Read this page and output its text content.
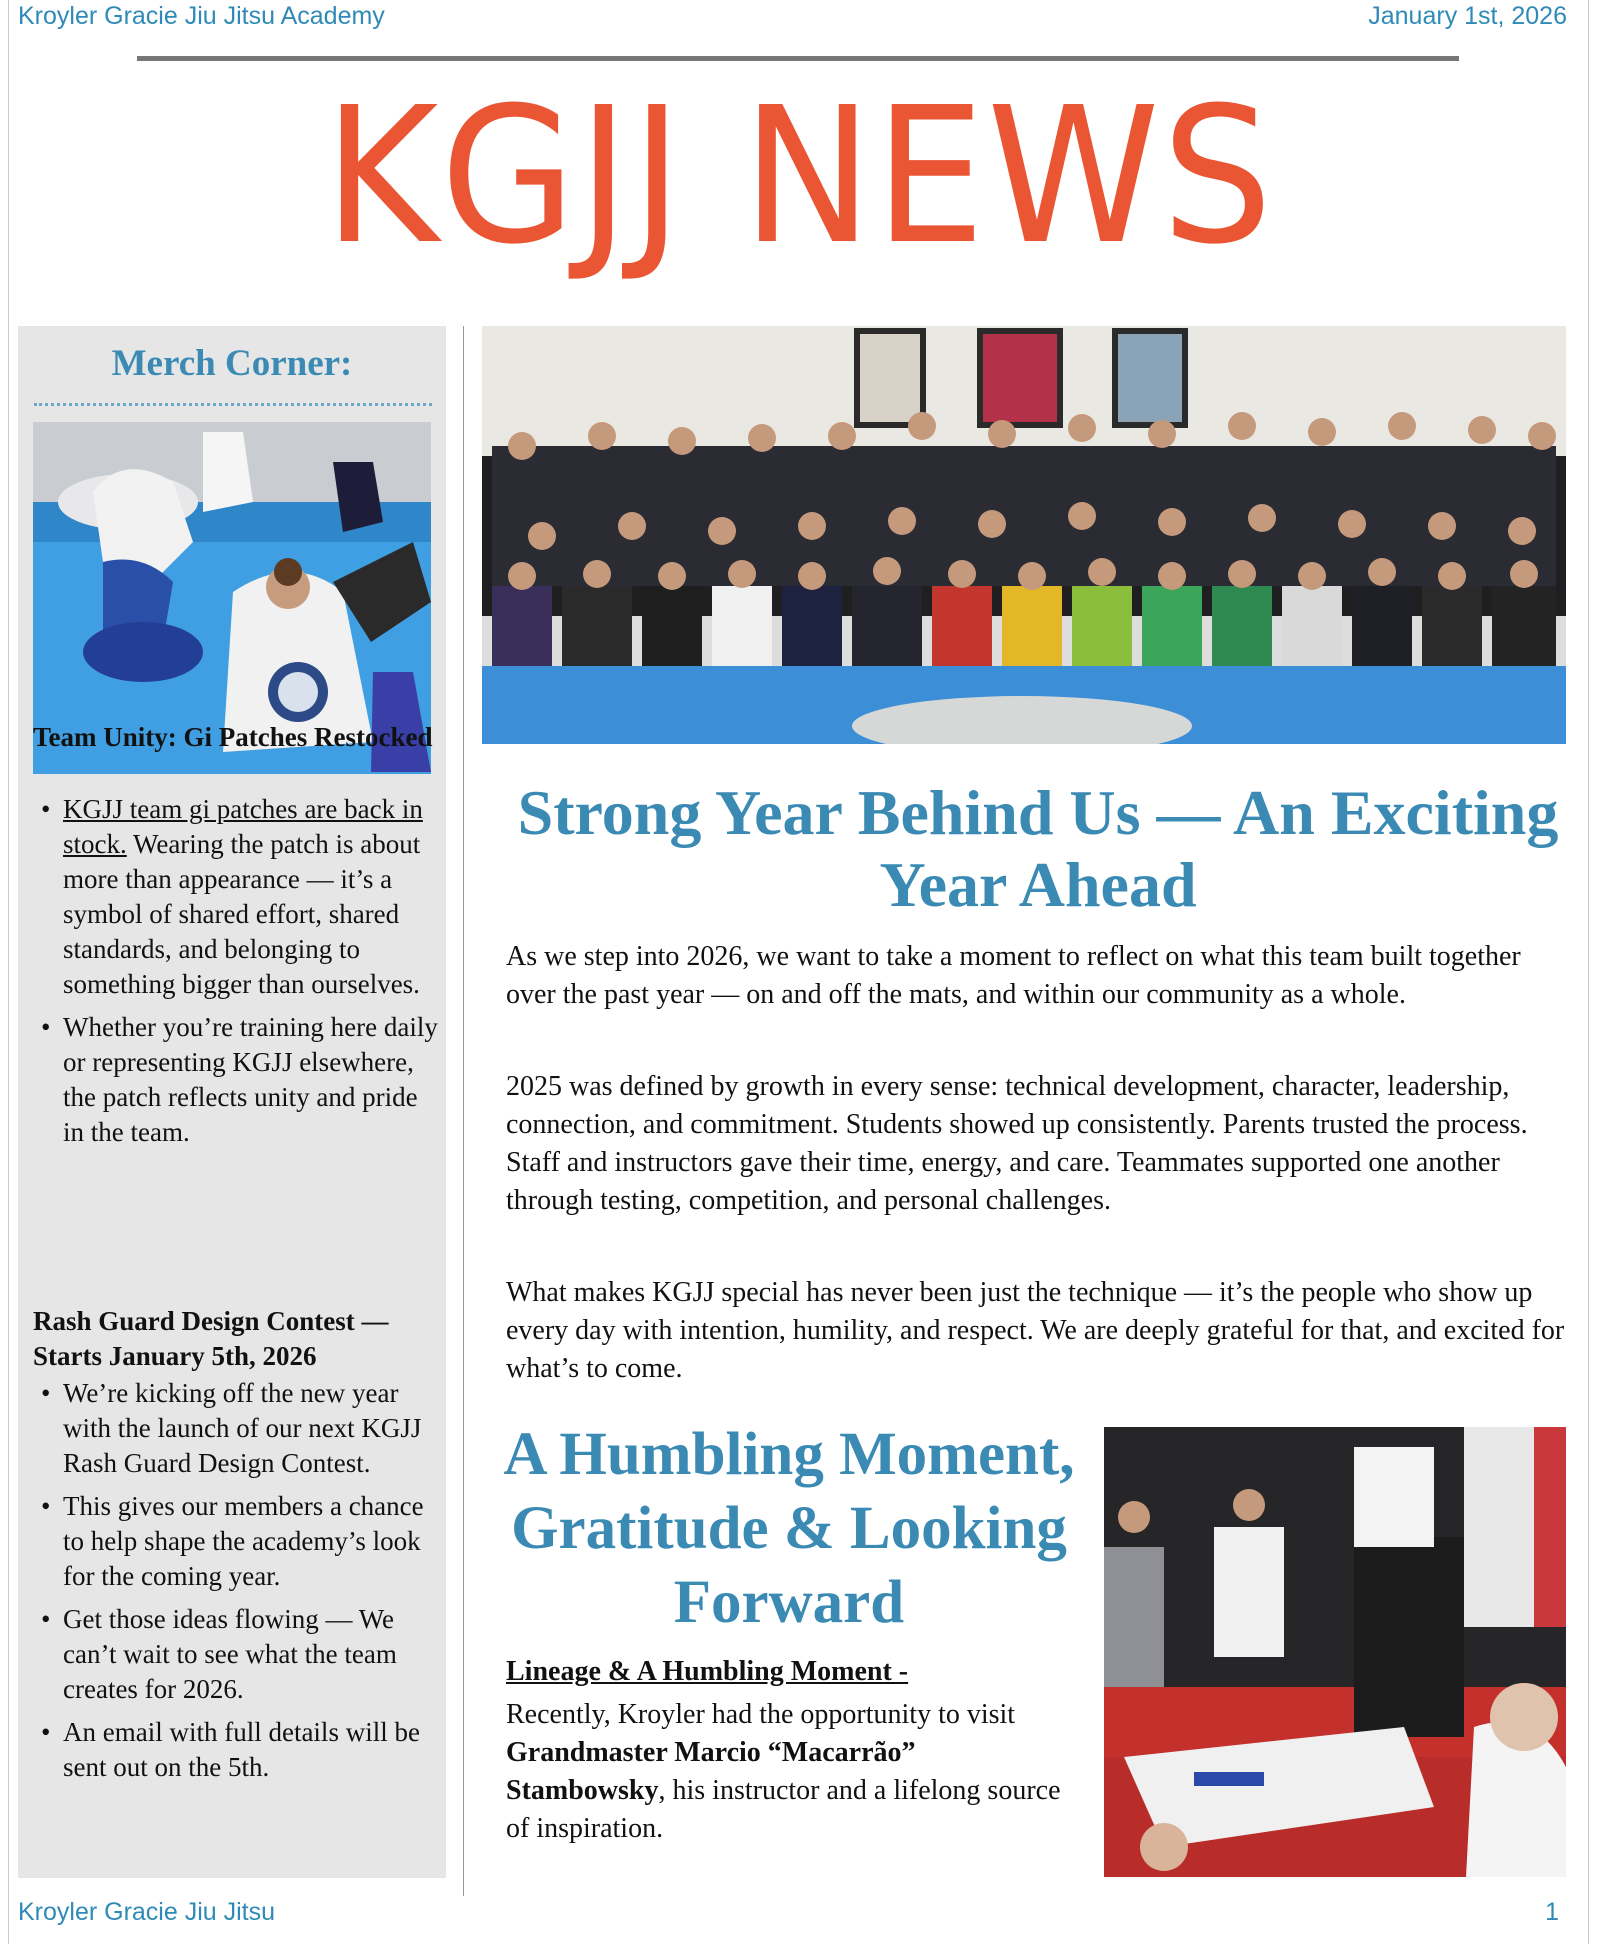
Kroyler Gracie Jiu Jitsu Academy	January 1st, 2026
KGJJ NEWS
Merch Corner:
Team Unity: Gi Patches Restocked
• KGJJ team gi patches are back in stock. Wearing the patch is about more than appearance — it’s a symbol of shared effort, shared standards, and belonging to something bigger than ourselves.
• Whether you’re training here daily or representing KGJJ elsewhere, the patch reflects unity and pride in the team.
Rash Guard Design Contest — Starts January 5th, 2026
• We’re kicking off the new year with the launch of our next KGJJ Rash Guard Design Contest.
• This gives our members a chance to help shape the academy’s look for the coming year.
• Get those ideas flowing — We can’t wait to see what the team creates for 2026.
• An email with full details will be sent out on the 5th.
Strong Year Behind Us — An Exciting Year Ahead

As we step into 2026, we want to take a moment to reflect on what this team built together over the past year — on and off the mats, and within our community as a whole.

2025 was defined by growth in every sense: technical development, character, leadership, connection, and commitment. Students showed up consistently. Parents trusted the process. Staff and instructors gave their time, energy, and care. Teammates supported one another through testing, competition, and personal challenges.

What makes KGJJ special has never been just the technique — it’s the people who show up every day with intention, humility, and respect. We are deeply grateful for that, and excited for what’s to come.

A Humbling Moment, Gratitude & Looking Forward
Lineage & A Humbling Moment -

Recently, Kroyler had the opportunity to visit Grandmaster Marcio “Macarrão” Stambowsky, his instructor and a lifelong source of inspiration.

Kroyler Gracie Jiu Jitsu	1
